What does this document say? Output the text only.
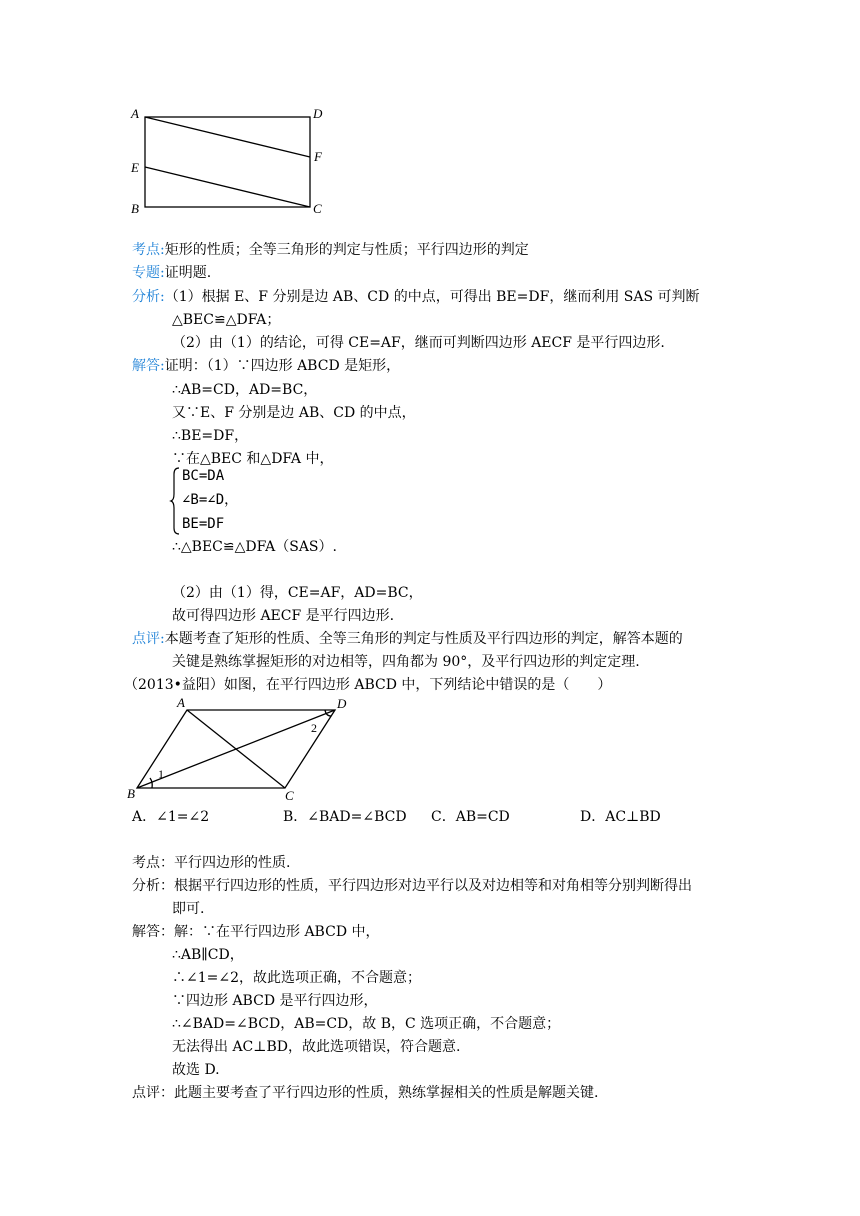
A	D
F
E
B	C
考点:矩形的性质；全等三角形的判定与性质；平行四边形的判定
专题:证明题.
分析:（1）根据 E、F 分别是边 AB、CD 的中点，可得出 BE=DF，继而利用 SAS 可判断
△BEC≌△DFA；
（2）由（1）的结论，可得 CE=AF，继而可判断四边形 AECF 是平行四边形.
解答:证明：（1）∵四边形 ABCD 是矩形，
∴AB=CD，AD=BC，
又∵E、F 分别是边 AB、CD 的中点，
∴BE=DF，
∵在△BEC 和△DFA 中，
BC=DA
∠B=∠D，
BE=DF
∴△BEC≌△DFA（SAS）.
（2）由（1）得，CE=AF，AD=BC，
故可得四边形 AECF 是平行四边形.
点评:本题考查了矩形的性质、全等三角形的判定与性质及平行四边形的判定，解答本题的
关键是熟练掌握矩形的对边相等，四角都为 90°，及平行四边形的判定定理.
（2013•益阳）如图，在平行四边形 ABCD 中，下列结论中错误的是（　　）
A	D
B	C
1
2
A．∠1=∠2	B．∠BAD=∠BCD C．AB=CD	D．AC⊥BD
考点：平行四边形的性质.
分析：根据平行四边形的性质，平行四边形对边平行以及对边相等和对角相等分别判断得出
即可.
解答：解：∵在平行四边形 ABCD 中，
∴AB∥CD，
∴∠1=∠2，故此选项正确，不合题意；
∵四边形 ABCD 是平行四边形，
∴∠BAD=∠BCD，AB=CD，故 B，C 选项正确，不合题意；
无法得出 AC⊥BD，故此选项错误，符合题意.
故选 D.
点评：此题主要考查了平行四边形的性质，熟练掌握相关的性质是解题关键.
